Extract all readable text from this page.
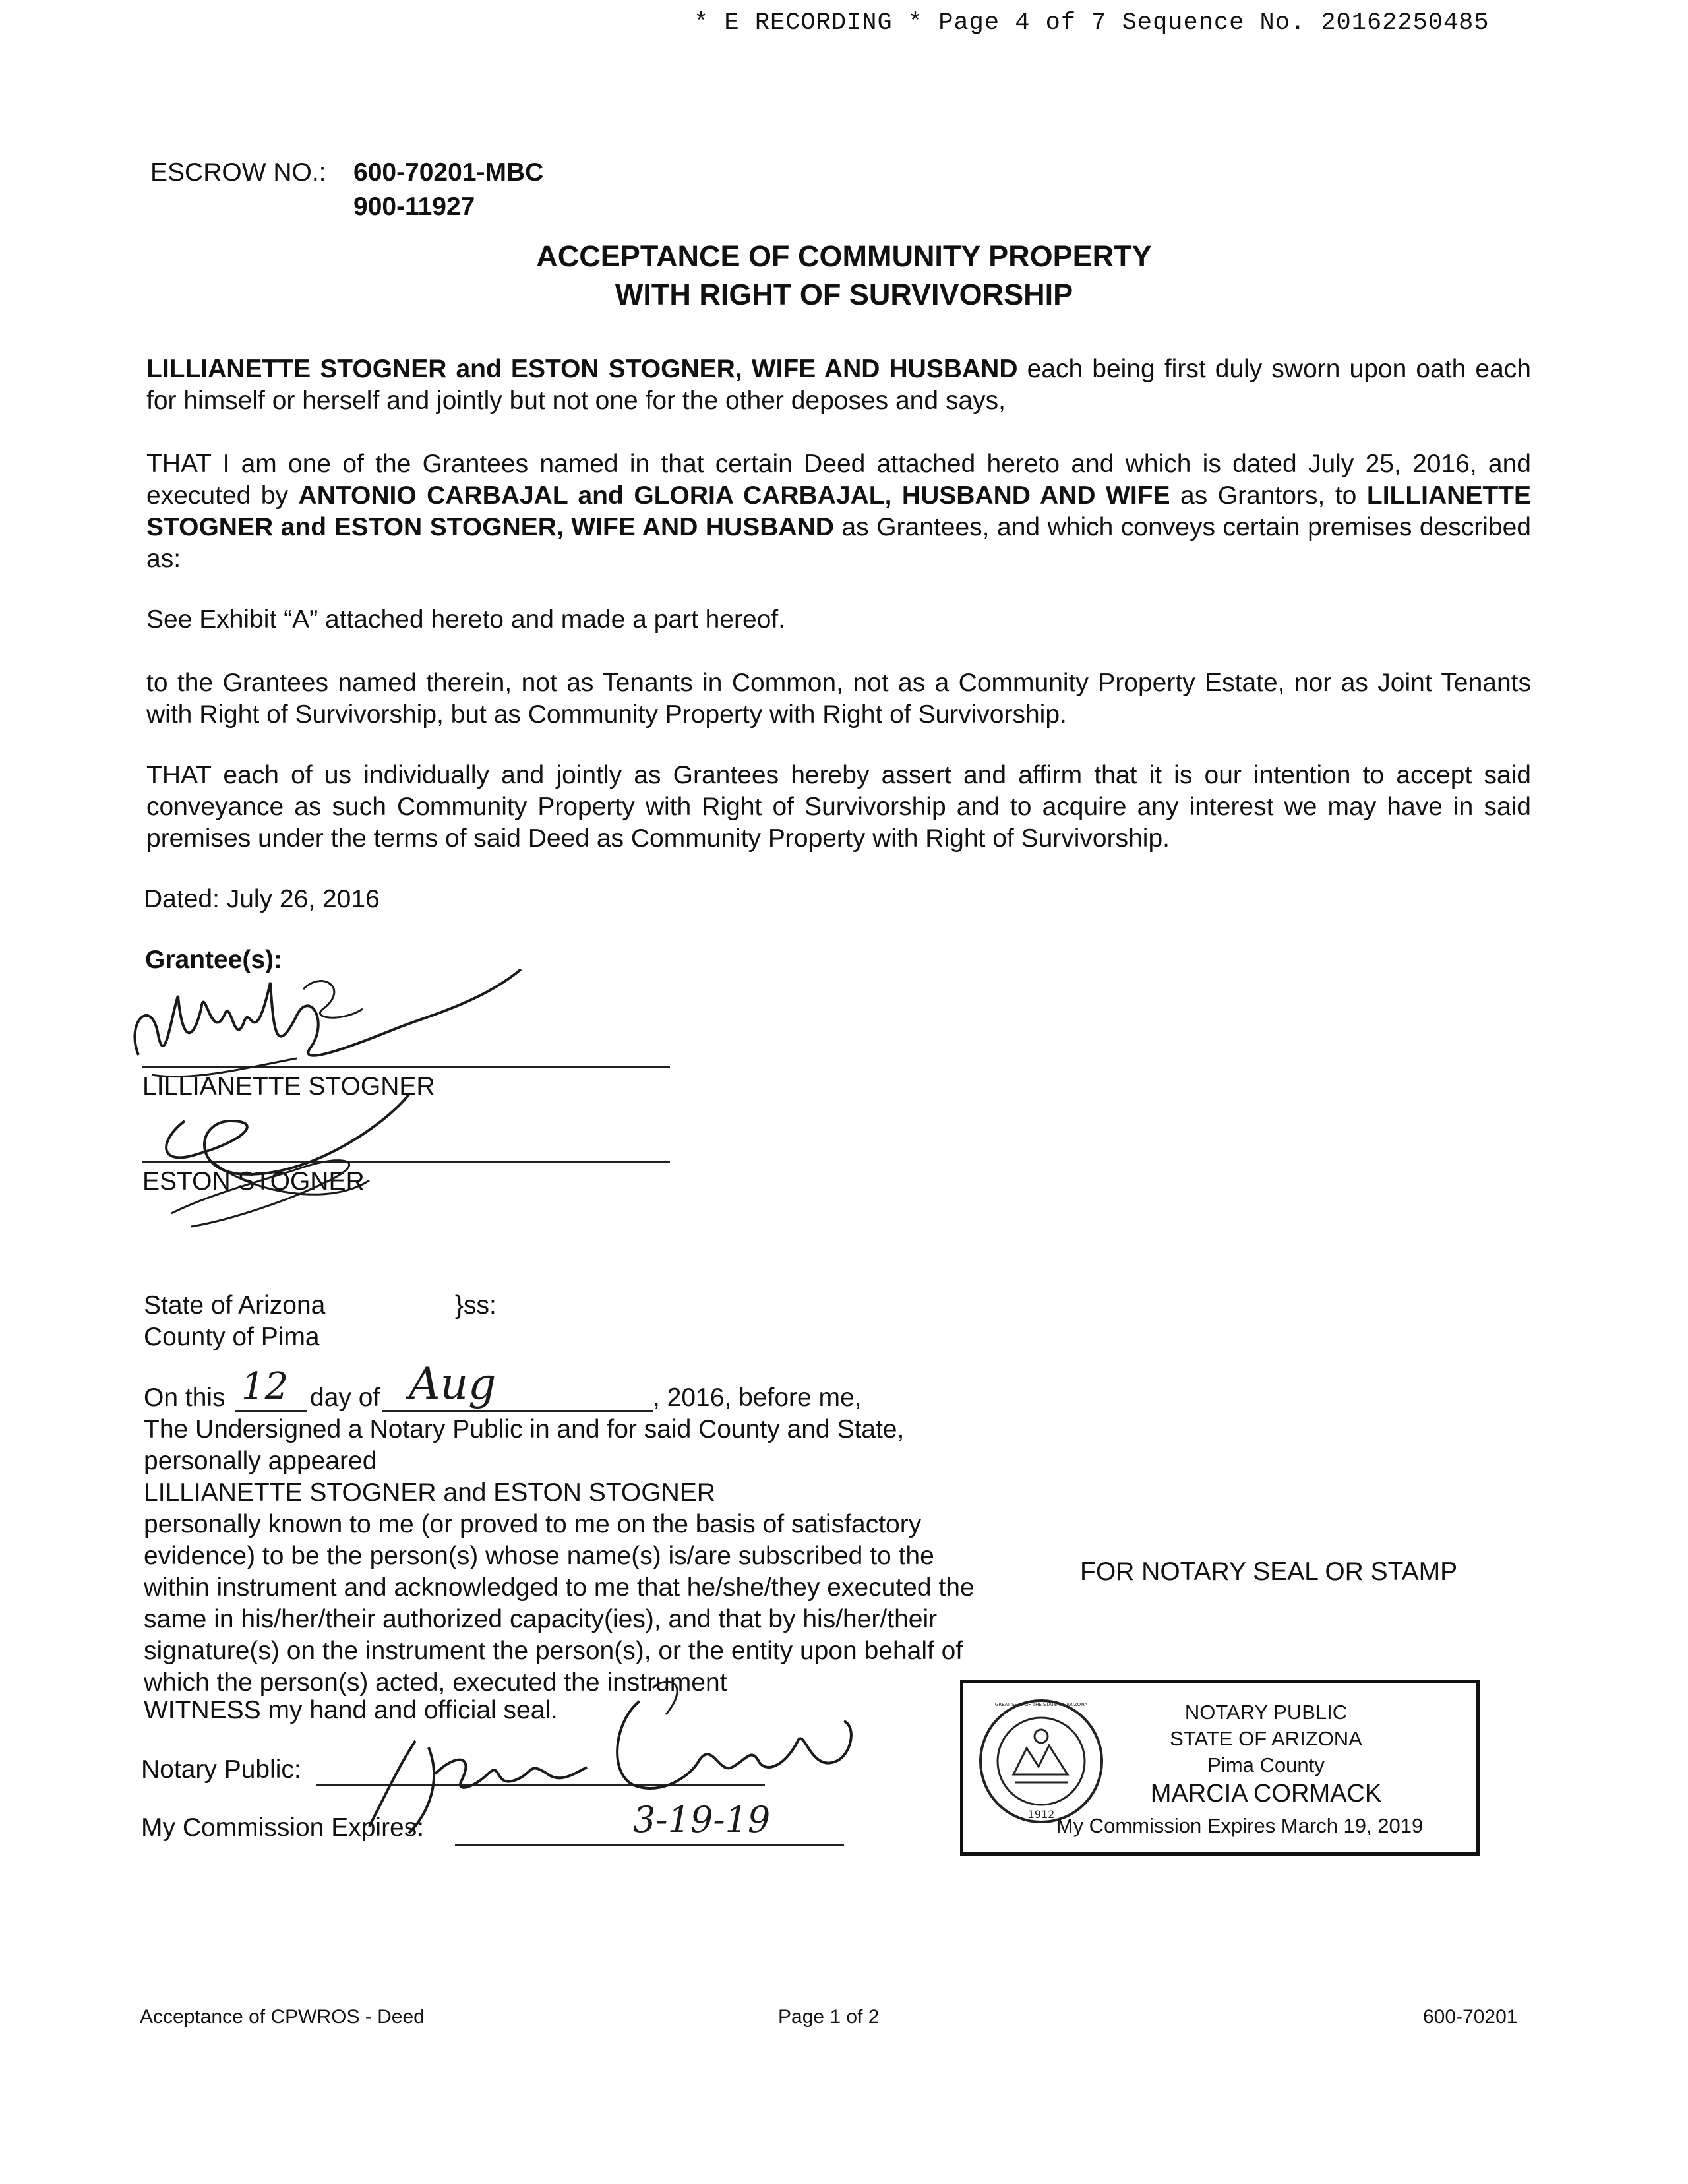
* E RECORDING * Page 4 of 7 Sequence No. 20162250485
ESCROW NO.: 600-70201-MBC
900-11927
ACCEPTANCE OF COMMUNITY PROPERTY
WITH RIGHT OF SURVIVORSHIP
LILLIANETTE STOGNER and ESTON STOGNER, WIFE AND HUSBAND each being first duly sworn upon oath each for himself or herself and jointly but not one for the other deposes and says,
THAT I am one of the Grantees named in that certain Deed attached hereto and which is dated July 25, 2016, and executed by ANTONIO CARBAJAL and GLORIA CARBAJAL, HUSBAND AND WIFE as Grantors, to LILLIANETTE STOGNER and ESTON STOGNER, WIFE AND HUSBAND as Grantees, and which conveys certain premises described as:
See Exhibit “A” attached hereto and made a part hereof.
to the Grantees named therein, not as Tenants in Common, not as a Community Property Estate, nor as Joint Tenants with Right of Survivorship, but as Community Property with Right of Survivorship.
THAT each of us individually and jointly as Grantees hereby assert and affirm that it is our intention to accept said conveyance as such Community Property with Right of Survivorship and to acquire any interest we may have in said premises under the terms of said Deed as Community Property with Right of Survivorship.
Dated: July 26, 2016
Grantee(s):
LILLIANETTE STOGNER
ESTON STOGNER
State of Arizona	}ss:
County of Pima
On this 12 day of Aug	, 2016, before me,
The Undersigned a Notary Public in and for said County and State,
personally appeared
LILLIANETTE STOGNER and ESTON STOGNER
personally known to me (or proved to me on the basis of satisfactory
evidence) to be the person(s) whose name(s) is/are subscribed to the
within instrument and acknowledged to me that he/she/they executed the
same in his/her/their authorized capacity(ies), and that by his/her/their
signature(s) on the instrument the person(s), or the entity upon behalf of
which the person(s) acted, executed the instrument
WITNESS my hand and official seal.
Notary Public:
My Commission Expires:	3-19-19
FOR NOTARY SEAL OR STAMP
1912
GREAT SEAL OF THE STATE OF ARIZONA	NOTARY PUBLIC
STATE OF ARIZONA
Pima County
MARCIA CORMACK
My Commission Expires March 19, 2019
Acceptance of CPWROS - Deed	Page 1 of 2	600-70201
